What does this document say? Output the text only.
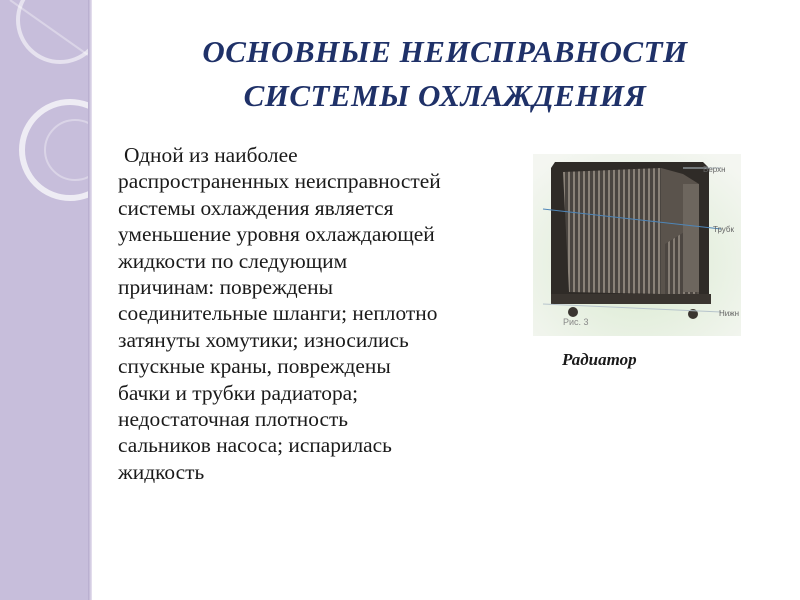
ОСНОВНЫЕ НЕИСПРАВНОСТИ
СИСТЕМЫ ОХЛАЖДЕНИЯ
Одной из наиболее
распространенных неисправностей
системы охлаждения является
уменьшение уровня охлаждающей
жидкости по следующим
причинам: повреждены
соединительные шланги; неплотно
затянуты хомутики; износились
спускные краны, повреждены
бачки и трубки радиатора;
недостаточная плотность
сальников насоса; испарилась
жидкость
Верхн
Трубк
Нижн
Рис. 3
Радиатор
